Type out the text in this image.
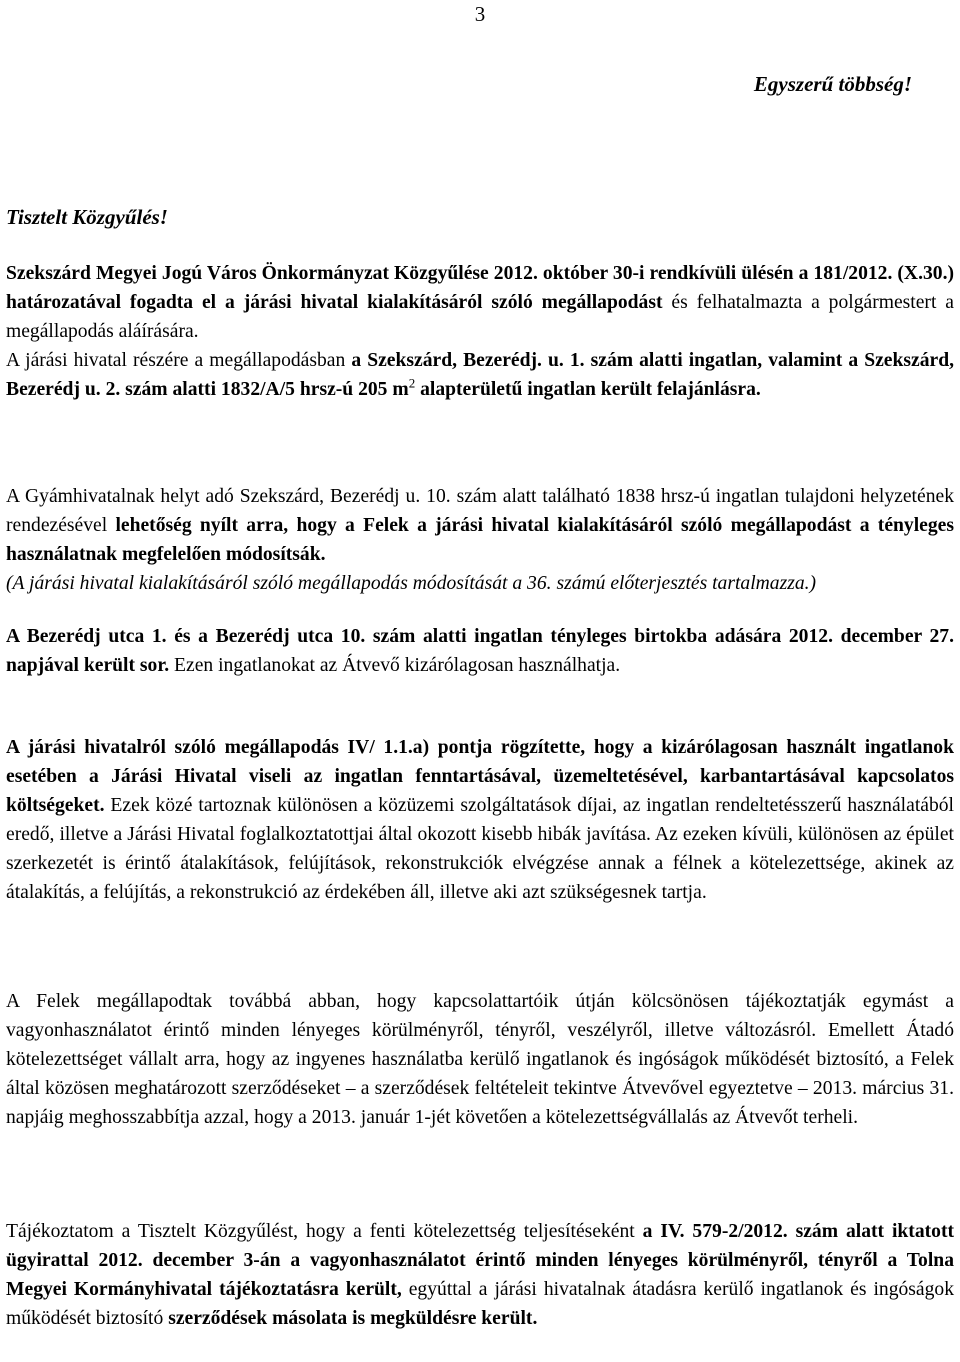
3
Egyszerű többség!
Tisztelt Közgyűlés!

Szekszárd Megyei Jogú Város Önkormányzat Közgyűlése 2012. október 30-i rendkívüli ülésén a 181/2012. (X.30.) határozatával fogadta el a járási hivatal kialakításáról szóló megállapodást és felhatalmazta a polgármestert a megállapodás aláírására.
A járási hivatal részére a megállapodásban a Szekszárd, Bezerédj. u. 1. szám alatti ingatlan, valamint a Szekszárd, Bezerédj u. 2. szám alatti 1832/A/5 hrsz-ú 205 $m^2$ alapterületű ingatlan került felajánlásra.

A Gyámhivatalnak helyt adó Szekszárd, Bezerédj u. 10. szám alatt található 1838 hrsz-ú ingatlan tulajdoni helyzetének rendezésével lehetőség nyílt arra, hogy a Felek a járási hivatal kialakításáról szóló megállapodást a tényleges használatnak megfelelően módosítsák.
(A járási hivatal kialakításáról szóló megállapodás módosítását a 36. számú előterjesztés tartalmazza.)

A Bezerédj utca 1. és a Bezerédj utca 10. szám alatti ingatlan tényleges birtokba adására 2012. december 27. napjával került sor. Ezen ingatlanokat az Átvevő kizárólagosan használhatja.

A járási hivatalról szóló megállapodás IV/ 1.1.a) pontja rögzítette, hogy a kizárólagosan használt ingatlanok esetében a Járási Hivatal viseli az ingatlan fenntartásával, üzemeltetésével, karbantartásával kapcsolatos költségeket. Ezek közé tartoznak különösen a közüzemi szolgáltatások díjai, az ingatlan rendeltetésszerű használatából eredő, illetve a Járási Hivatal foglalkoztatottjai által okozott kisebb hibák javítása. Az ezeken kívüli, különösen az épület szerkezetét is érintő átalakítások, felújítások, rekonstrukciók elvégzése annak a félnek a kötelezettsége, akinek az átalakítás, a felújítás, a rekonstrukció az érdekében áll, illetve aki azt szükségesnek tartja.

A Felek megállapodtak továbbá abban, hogy kapcsolattartóik útján kölcsönösen tájékoztatják egymást a vagyonhasználatot érintő minden lényeges körülményről, tényről, veszélyről, illetve változásról. Emellett Átadó kötelezettséget vállalt arra, hogy az ingyenes használatba kerülő ingatlanok és ingóságok működését biztosító, a Felek által közösen meghatározott szerződéseket – a szerződések feltételeit tekintve Átvevővel egyeztetve – 2013. március 31. napjáig meghosszabbítja azzal, hogy a 2013. január 1-jét követően a kötelezettségvállalás az Átvevőt terheli.

Tájékoztatom a Tisztelt Közgyűlést, hogy a fenti kötelezettség teljesítéseként a IV. 579-2/2012. szám alatt iktatott ügyirattal 2012. december 3-án a vagyonhasználatot érintő minden lényeges körülményről, tényről a Tolna Megyei Kormányhivatal tájékoztatásra került, egyúttal a járási hivatalnak átadásra kerülő ingatlanok és ingóságok működését biztosító szerződések másolata is megküldésre került.
